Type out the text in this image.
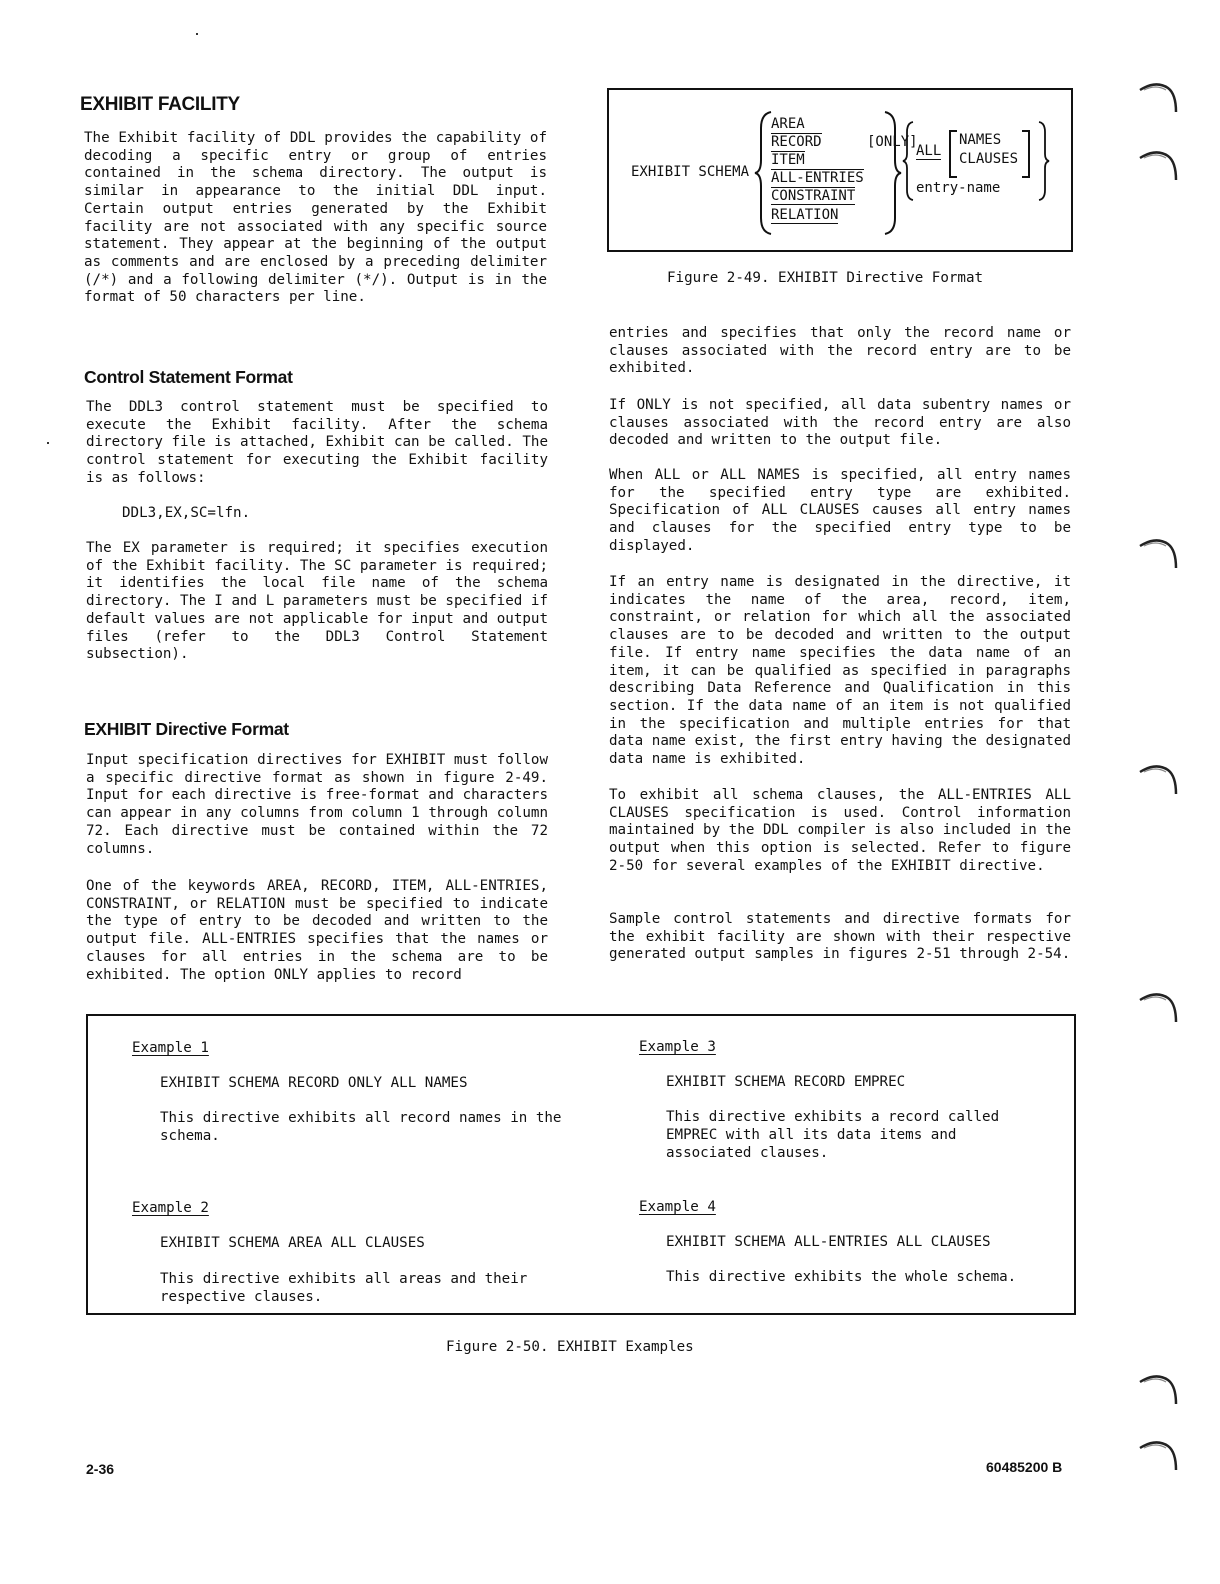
EXHIBIT FACILITY
The Exhibit facility of DDL provides the capability of decoding a specific entry or group of entries contained in the schema directory. The output is similar in appearance to the initial DDL input. Certain output entries generated by the Exhibit facility are not associated with any specific source statement. They appear at the beginning of the output as comments and are enclosed by a preceding delimiter (/*) and a following delimiter (*/). Output is in the format of 50 characters per line.
Control Statement Format
The DDL3 control statement must be specified to execute the Exhibit facility. After the schema directory file is attached, Exhibit can be called. The control statement for executing the Exhibit facility is as follows:
DDL3,EX,SC=lfn.
The EX parameter is required; it specifies execution of the Exhibit facility. The SC parameter is required; it identifies the local file name of the schema directory. The I and L parameters must be specified if default values are not applicable for input and output files (refer to the DDL3 Control Statement subsection).
EXHIBIT Directive Format
Input specification directives for EXHIBIT must follow a specific directive format as shown in figure 2-49. Input for each directive is free-format and characters can appear in any columns from column 1 through column 72. Each directive must be contained within the 72 columns.
One of the keywords AREA, RECORD, ITEM, ALL-ENTRIES, CONSTRAINT, or RELATION must be specified to indicate the type of entry to be decoded and written to the output file. ALL-ENTRIES specifies that the names or clauses for all entries in the schema are to be exhibited. The option ONLY applies to record
EXHIBIT SCHEMA
AREA
RECORD	[ONLY]
ITEM
ALL-ENTRIES
CONSTRAINT
RELATION
ALL
NAMES
CLAUSES
entry-name
Figure 2-49. EXHIBIT Directive Format
entries and specifies that only the record name or clauses associated with the record entry are to be exhibited.
If ONLY is not specified, all data subentry names or clauses associated with the record entry are also decoded and written to the output file.
When ALL or ALL NAMES is specified, all entry names for the specified entry type are exhibited. Specification of ALL CLAUSES causes all entry names and clauses for the specified entry type to be displayed.
If an entry name is designated in the directive, it indicates the name of the area, record, item, constraint, or relation for which all the associated clauses are to be decoded and written to the output file. If entry name specifies the data name of an item, it can be qualified as specified in paragraphs describing Data Reference and Qualification in this section. If the data name of an item is not qualified in the specification and multiple entries for that data name exist, the first entry having the designated data name is exhibited.
To exhibit all schema clauses, the ALL-ENTRIES ALL CLAUSES specification is used. Control information maintained by the DDL compiler is also included in the output when this option is selected. Refer to figure 2-50 for several examples of the EXHIBIT directive.
Sample control statements and directive formats for the exhibit facility are shown with their respective generated output samples in figures 2-51 through 2-54.
Example 1
EXHIBIT SCHEMA RECORD ONLY ALL NAMES
This directive exhibits all record names in the schema.
Example 2
EXHIBIT SCHEMA AREA ALL CLAUSES
This directive exhibits all areas and their respective clauses.
Example 3
EXHIBIT SCHEMA RECORD EMPREC
This directive exhibits a record called EMPREC with all its data items and associated clauses.
Example 4
EXHIBIT SCHEMA ALL-ENTRIES ALL CLAUSES
This directive exhibits the whole schema.
Figure 2-50. EXHIBIT Examples
2-36	60485200 B
